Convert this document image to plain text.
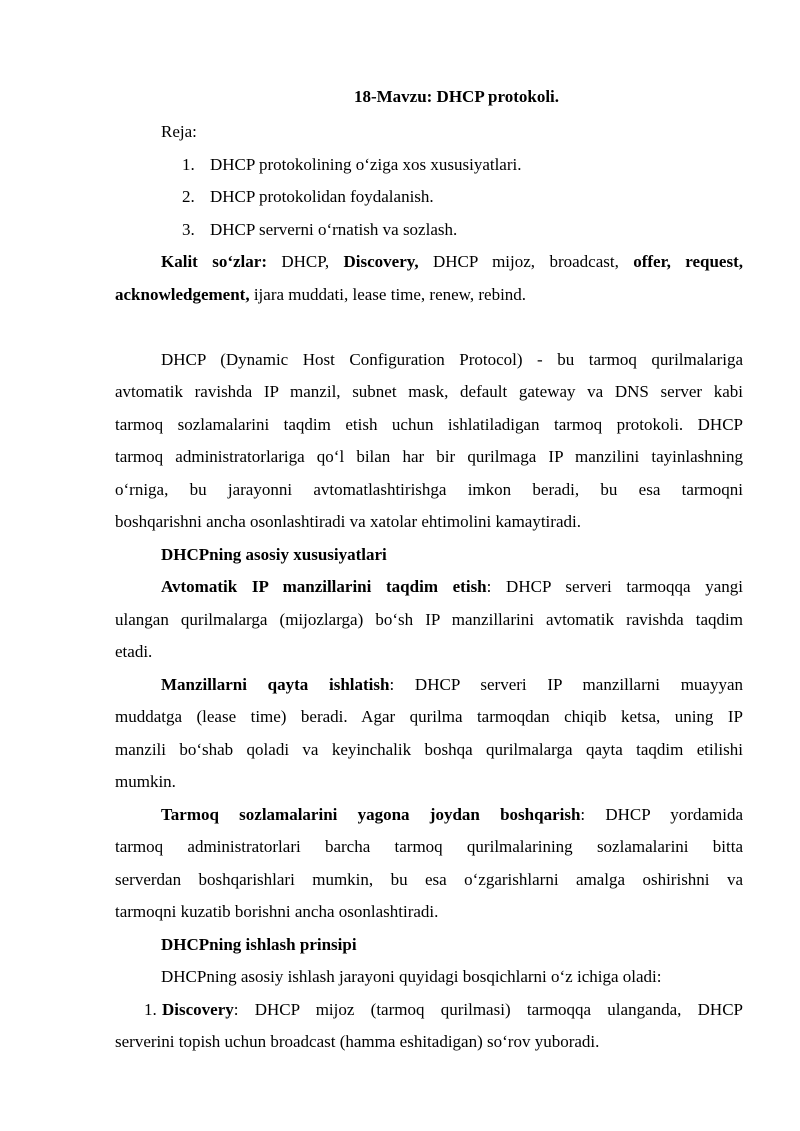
18-Mavzu: DHCP protokoli.

Reja:

1. DHCP protokolining o‘ziga xos xususiyatlari.

2. DHCP protokolidan foydalanish.

3. DHCP serverni o‘rnatish va sozlash.

Kalit so‘zlar: DHCP, Discovery, DHCP mijoz, broadcast, offer, request,

acknowledgement, ijara muddati, lease time, renew, rebind.

DHCP (Dynamic Host Configuration Protocol) - bu tarmoq qurilmalariga

avtomatik ravishda IP manzil, subnet mask, default gateway va DNS server kabi

tarmoq sozlamalarini taqdim etish uchun ishlatiladigan tarmoq protokoli. DHCP

tarmoq administratorlariga qo‘l bilan har bir qurilmaga IP manzilini tayinlashning

o‘rniga, bu jarayonni avtomatlashtirishga imkon beradi, bu esa tarmoqni

boshqarishni ancha osonlashtiradi va xatolar ehtimolini kamaytiradi.

DHCPning asosiy xususiyatlari

Avtomatik IP manzillarini taqdim etish: DHCP serveri tarmoqqa yangi

ulangan qurilmalarga (mijozlarga) bo‘sh IP manzillarini avtomatik ravishda taqdim

etadi.

Manzillarni qayta ishlatish: DHCP serveri IP manzillarni muayyan

muddatga (lease time) beradi. Agar qurilma tarmoqdan chiqib ketsa, uning IP

manzili bo‘shab qoladi va keyinchalik boshqa qurilmalarga qayta taqdim etilishi

mumkin.

Tarmoq sozlamalarini yagona joydan boshqarish: DHCP yordamida

tarmoq administratorlari barcha tarmoq qurilmalarining sozlamalarini bitta

serverdan boshqarishlari mumkin, bu esa o‘zgarishlarni amalga oshirishni va

tarmoqni kuzatib borishni ancha osonlashtiradi.

DHCPning ishlash prinsipi

DHCPning asosiy ishlash jarayoni quyidagi bosqichlarni o‘z ichiga oladi:

1. Discovery: DHCP mijoz (tarmoq qurilmasi) tarmoqqa ulanganda, DHCP

serverini topish uchun broadcast (hamma eshitadigan) so‘rov yuboradi.
